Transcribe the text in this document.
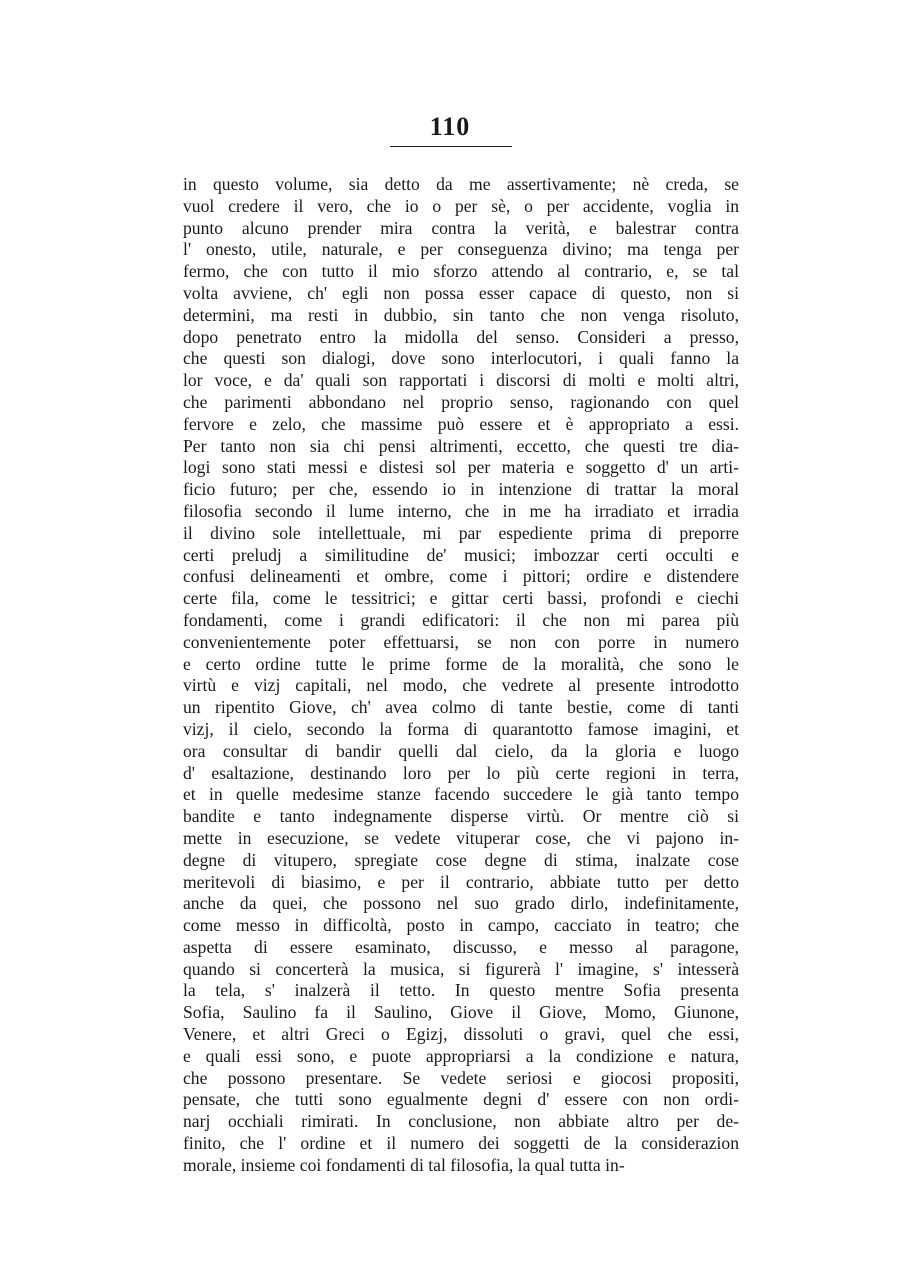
110
in questo volume, sia detto da me assertivamente; nè creda, se
vuol credere il vero, che io o per sè, o per accidente, voglia in
punto alcuno prender mira contra la verità, e balestrar contra
l' onesto, utile, naturale, e per conseguenza divino; ma tenga per
fermo, che con tutto il mio sforzo attendo al contrario, e, se tal
volta avviene, ch' egli non possa esser capace di questo, non si
determini, ma resti in dubbio, sin tanto che non venga risoluto,
dopo penetrato entro la midolla del senso. Consideri a presso,
che questi son dialogi, dove sono interlocutori, i quali fanno la
lor voce, e da' quali son rapportati i discorsi di molti e molti altri,
che parimenti abbondano nel proprio senso, ragionando con quel
fervore e zelo, che massime può essere et è appropriato a essi.
Per tanto non sia chi pensi altrimenti, eccetto, che questi tre dia-
logi sono stati messi e distesi sol per materia e soggetto d' un arti-
ficio futuro; per che, essendo io in intenzione di trattar la moral
filosofia secondo il lume interno, che in me ha irradiato et irradia
il divino sole intellettuale, mi par espediente prima di preporre
certi preludj a similitudine de' musici; imbozzar certi occulti e
confusi delineamenti et ombre, come i pittori; ordire e distendere
certe fila, come le tessitrici; e gittar certi bassi, profondi e ciechi
fondamenti, come i grandi edificatori: il che non mi parea più
convenientemente poter effettuarsi, se non con porre in numero
e certo ordine tutte le prime forme de la moralità, che sono le
virtù e vizj capitali, nel modo, che vedrete al presente introdotto
un ripentito Giove, ch' avea colmo di tante bestie, come di tanti
vizj, il cielo, secondo la forma di quarantotto famose imagini, et
ora consultar di bandir quelli dal cielo, da la gloria e luogo
d' esaltazione, destinando loro per lo più certe regioni in terra,
et in quelle medesime stanze facendo succedere le già tanto tempo
bandite e tanto indegnamente disperse virtù. Or mentre ciò si
mette in esecuzione, se vedete vituperar cose, che vi pajono in-
degne di vitupero, spregiate cose degne di stima, inalzate cose
meritevoli di biasimo, e per il contrario, abbiate tutto per detto
anche da quei, che possono nel suo grado dirlo, indefinitamente,
come messo in difficoltà, posto in campo, cacciato in teatro; che
aspetta di essere esaminato, discusso, e messo al paragone,
quando si concerterà la musica, si figurerà l' imagine, s' intesserà
la tela, s' inalzerà il tetto. In questo mentre Sofia presenta
Sofia, Saulino fa il Saulino, Giove il Giove, Momo, Giunone,
Venere, et altri Greci o Egizj, dissoluti o gravi, quel che essi,
e quali essi sono, e puote appropriarsi a la condizione e natura,
che possono presentare. Se vedete seriosi e giocosi propositi,
pensate, che tutti sono egualmente degni d' essere con non ordi-
narj occhiali rimirati. In conclusione, non abbiate altro per de-
finito, che l' ordine et il numero dei soggetti de la considerazion
morale, insieme coi fondamenti di tal filosofia, la qual tutta in-
